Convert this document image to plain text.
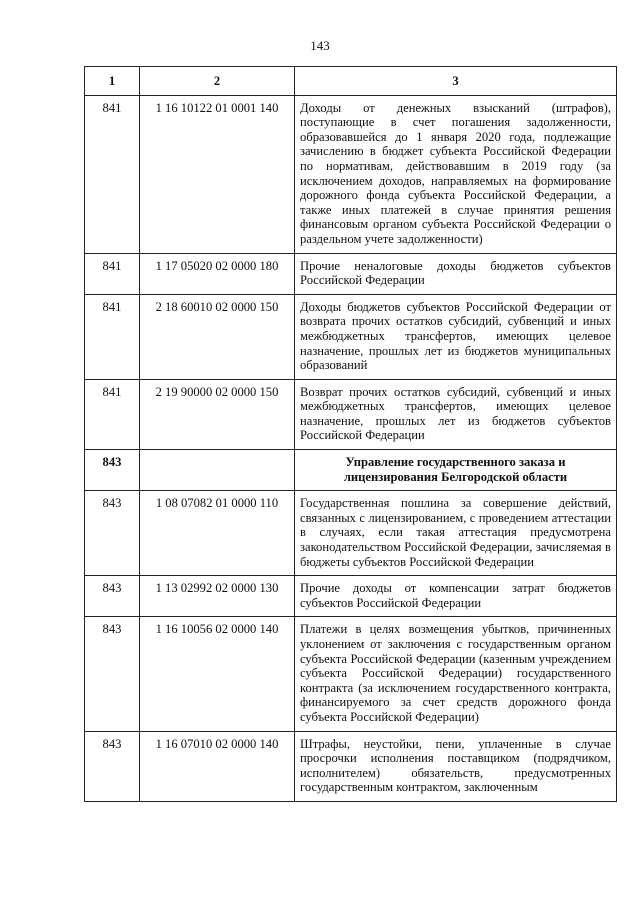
143
1	2	3
841	1 16 10122 01 0001 140	Доходы от денежных взысканий (штрафов), поступающие в счет погашения задолженности, образовавшейся до 1 января 2020 года, подлежащие зачислению в бюджет субъекта Российской Федерации по нормативам, действовавшим в 2019 году (за исключением доходов, направляемых на формирование дорожного фонда субъекта Российской Федерации, а также иных платежей в случае принятия решения финансовым органом субъекта Российской Федерации о раздельном учете задолженности)
841	1 17 05020 02 0000 180	Прочие неналоговые доходы бюджетов субъектов Российской Федерации
841	2 18 60010 02 0000 150	Доходы бюджетов субъектов Российской Федерации от возврата прочих остатков субсидий, субвенций и иных межбюджетных трансфертов, имеющих целевое назначение, прошлых лет из бюджетов муниципальных образований
841	2 19 90000 02 0000 150	Возврат прочих остатков субсидий, субвенций и иных межбюджетных трансфертов, имеющих целевое назначение, прошлых лет из бюджетов субъектов Российской Федерации
843		Управление государственного заказа и лицензирования Белгородской области
843	1 08 07082 01 0000 110	Государственная пошлина за совершение действий, связанных с лицензированием, с проведением аттестации в случаях, если такая аттестация предусмотрена законодательством Российской Федерации, зачисляемая в бюджеты субъектов Российской Федерации
843	1 13 02992 02 0000 130	Прочие доходы от компенсации затрат бюджетов субъектов Российской Федерации
843	1 16 10056 02 0000 140	Платежи в целях возмещения убытков, причиненных уклонением от заключения с государственным органом субъекта Российской Федерации (казенным учреждением субъекта Российской Федерации) государственного контракта (за исключением государственного контракта, финансируемого за счет средств дорожного фонда субъекта Российской Федерации)
843	1 16 07010 02 0000 140	Штрафы, неустойки, пени, уплаченные в случае просрочки исполнения поставщиком (подрядчиком, исполнителем) обязательств, предусмотренных государственным контрактом, заключенным
